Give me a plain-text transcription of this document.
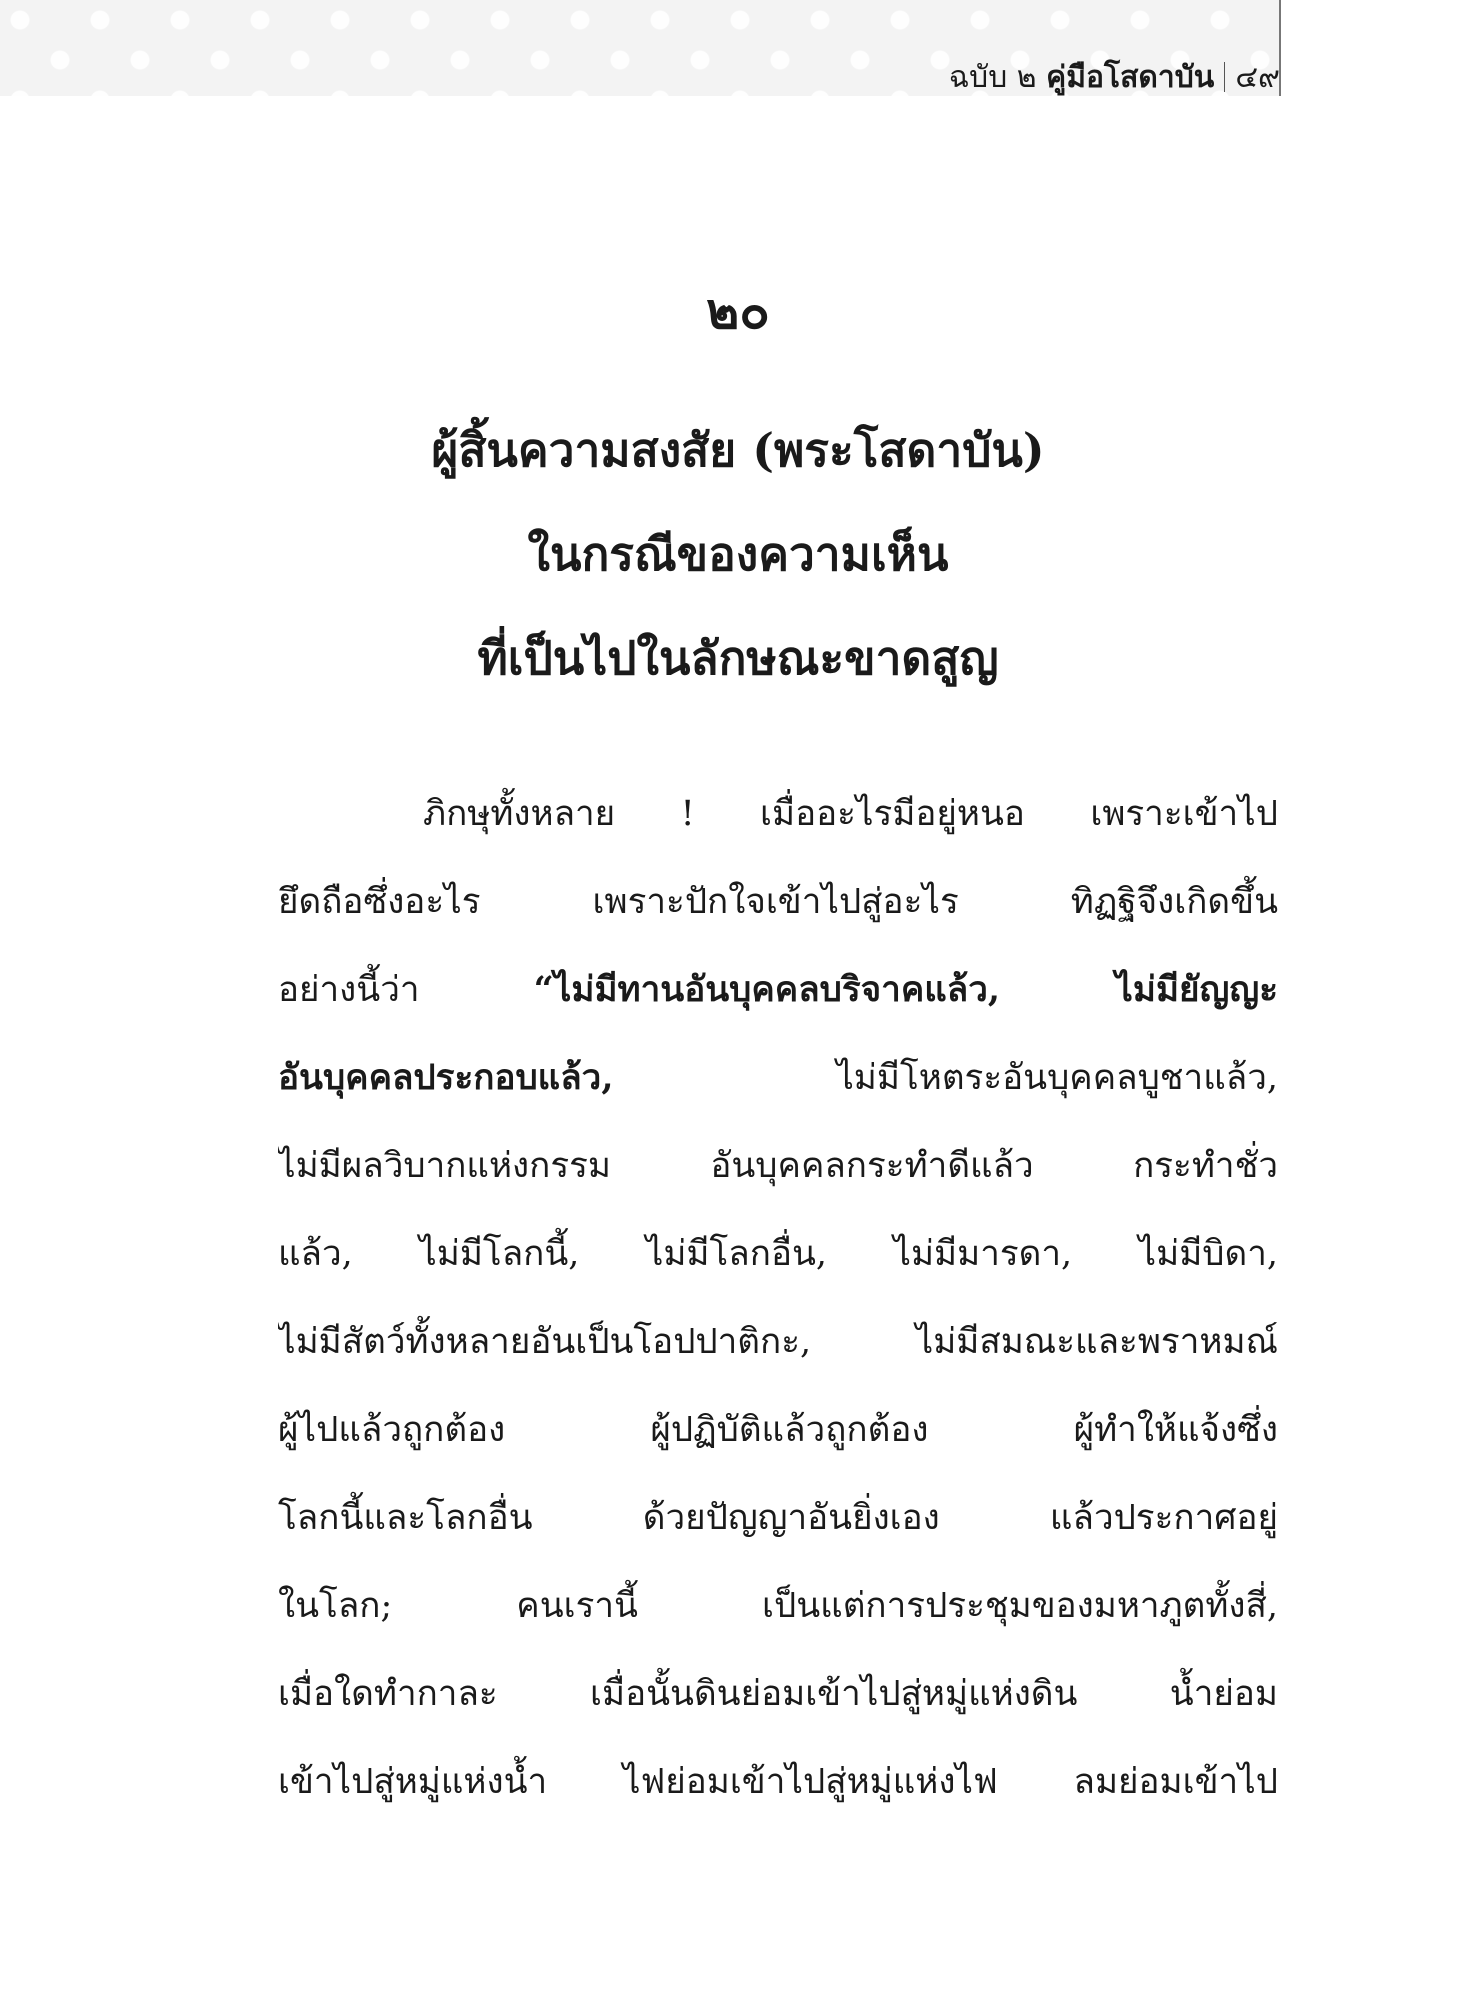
ฉบับ ๒ คู่มือโสดาบัน ๔๙
๒๐
ผู้สิ้นความสงสัย (พระโสดาบัน)
ในกรณีของความเห็น
ที่เป็นไปในลักษณะขาดสูญ
ภิกษุทั้งหลาย ! เมื่ออะไรมีอยู่หนอ เพราะเข้าไป
ยึดถือซึ่งอะไร เพราะปักใจเข้าไปสู่อะไร ทิฏฐิจึงเกิดขึ้น
อย่างนี้ว่า “ไม่มีทานอันบุคคลบริจาคแล้ว, ไม่มียัญญะ
อันบุคคลประกอบแล้ว, ไม่มีโหตระอันบุคคลบูชาแล้ว,
ไม่มีผลวิบากแห่งกรรม อันบุคคลกระทำดีแล้ว กระทำชั่ว
แล้ว, ไม่มีโลกนี้, ไม่มีโลกอื่น, ไม่มีมารดา, ไม่มีบิดา,
ไม่มีสัตว์ทั้งหลายอันเป็นโอปปาติกะ, ไม่มีสมณะและพราหมณ์
ผู้ไปแล้วถูกต้อง ผู้ปฏิบัติแล้วถูกต้อง ผู้ทำให้แจ้งซึ่ง
โลกนี้และโลกอื่น ด้วยปัญญาอันยิ่งเอง แล้วประกาศอยู่
ในโลก; คนเรานี้ เป็นแต่การประชุมของมหาภูตทั้งสี่,
เมื่อใดทำกาละ เมื่อนั้นดินย่อมเข้าไปสู่หมู่แห่งดิน น้ำย่อม
เข้าไปสู่หมู่แห่งน้ำ ไฟย่อมเข้าไปสู่หมู่แห่งไฟ ลมย่อมเข้าไป
